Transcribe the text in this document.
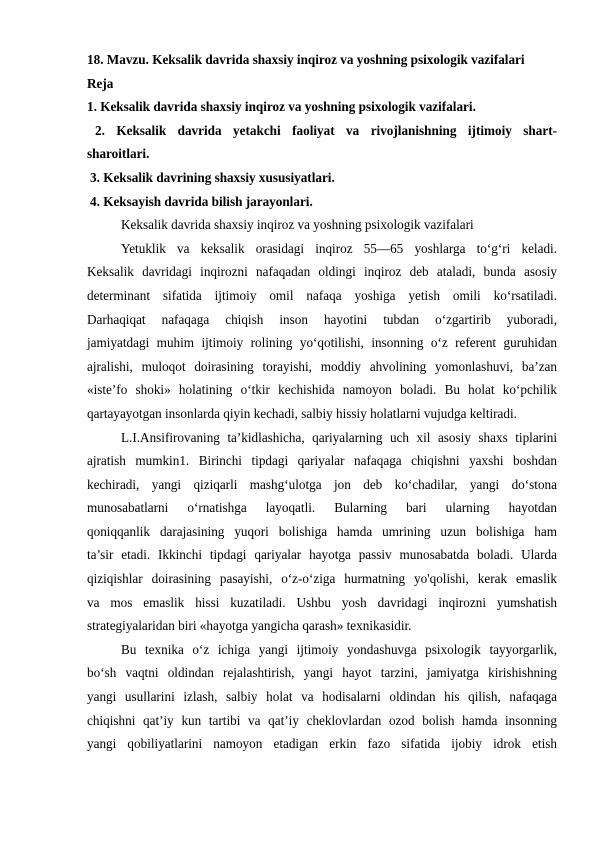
18. Mavzu. Keksalik davrida shaxsiy inqiroz va yoshning psixologik vazifalari
Reja
1. Keksalik davrida shaxsiy inqiroz va yoshning psixologik vazifalari.
2. Keksalik davrida yetakchi faoliyat va rivojlanishning ijtimoiy shart-
sharoitlari.
3. Keksalik davrining shaxsiy xususiyatlari.
4. Keksayish davrida bilish jarayonlari.
Keksalik davrida shaxsiy inqiroz va yoshning psixologik vazifalari
Yetuklik va keksalik orasidagi inqiroz 55—65 yoshlarga to‘g‘ri keladi.
Keksalik davridagi inqirozni nafaqadan oldingi inqiroz deb ataladi, bunda asosiy
determinant sifatida ijtimoiy omil nafaqa yoshiga yetish omili ko‘rsatiladi.
Darhaqiqat nafaqaga chiqish inson hayotini tubdan o‘zgartirib yuboradi,
jamiyatdagi muhim ijtimoiy rolining yo‘qotilishi, insonning o‘z referent guruhidan
ajralishi, muloqot doirasining torayishi, moddiy ahvolining yomonlashuvi, ba’zan
«iste’fo shoki» holatining o‘tkir kechishida namoyon boladi. Bu holat ko‘pchilik
qartayayotgan insonlarda qiyin kechadi, salbiy hissiy holatlarni vujudga keltiradi.
L.I.Ansifirovaning ta’kidlashicha, qariyalarning uch xil asosiy shaxs tiplarini
ajratish mumkin1. Birinchi tipdagi qariyalar nafaqaga chiqishni yaxshi boshdan
kechiradi, yangi qiziqarli mashg‘ulotga jon deb ko‘chadilar, yangi do‘stona
munosabatlarni o‘rnatishga layoqatli. Bularning bari ularning hayotdan
qoniqqanlik darajasining yuqori bolishiga hamda umrining uzun bolishiga ham
ta’sir etadi. Ikkinchi tipdagi qariyalar hayotga passiv munosabatda boladi. Ularda
qiziqishlar doirasining pasayishi, o‘z-o‘ziga hurmatning yo'qolishi, kerak emaslik
va mos emaslik hissi kuzatiladi. Ushbu yosh davridagi inqirozni yumshatish
strategiyalaridan biri «hayotga yangicha qarash» texnikasidir.
Bu texnika o‘z ichiga yangi ijtimoiy yondashuvga psixologik tayyorgarlik,
bo‘sh vaqtni oldindan rejalashtirish, yangi hayot tarzini, jamiyatga kirishishning
yangi usullarini izlash, salbiy holat va hodisalarni oldindan his qilish, nafaqaga
chiqishni qat’iy kun tartibi va qat’iy cheklovlardan ozod bolish hamda insonning
yangi qobiliyatlarini namoyon etadigan erkin fazo sifatida ijobiy idrok etish
